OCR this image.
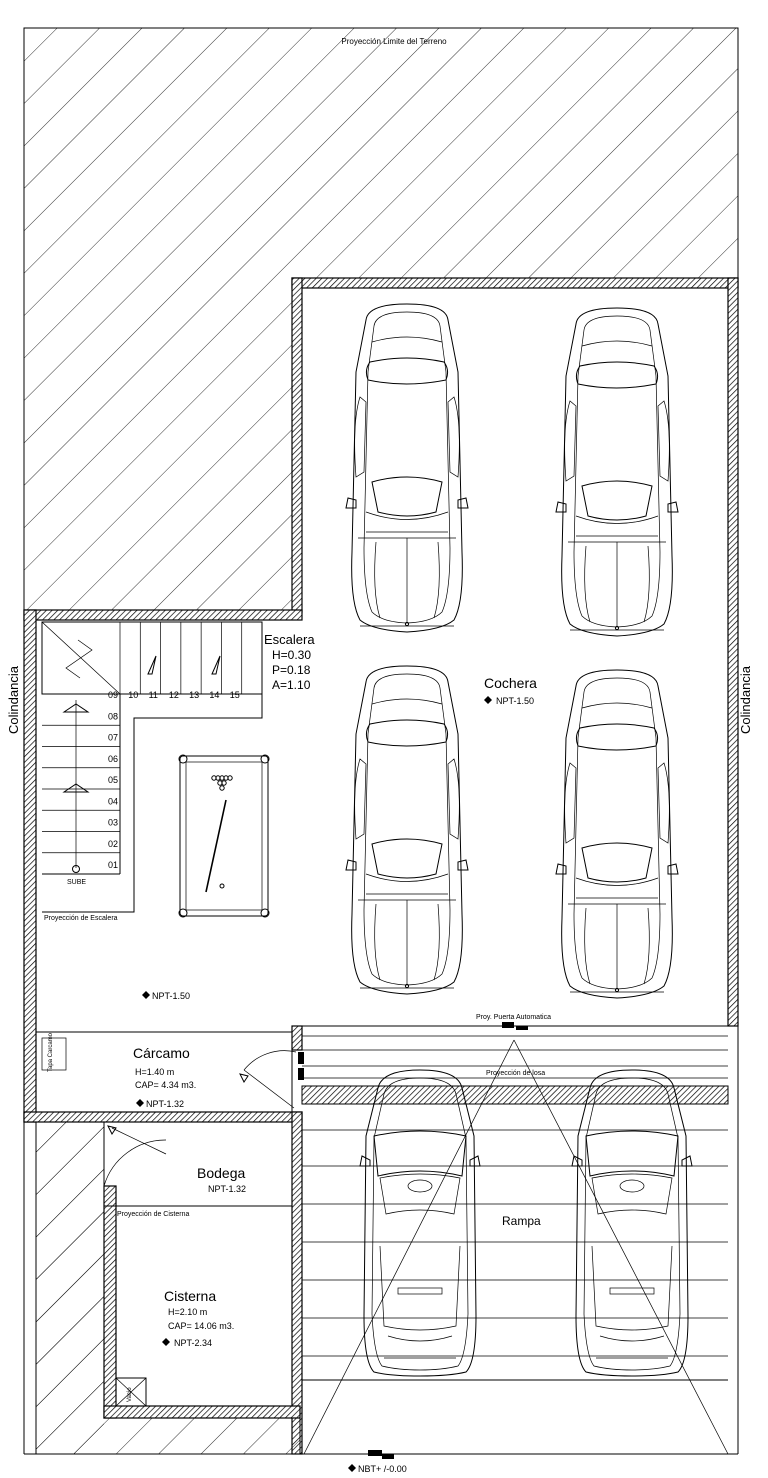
Proyección Limite del Terreno
Colindancia	Colindancia
01
02
03
04
05
06
07
08
09 10 11 12 13 14 15
SUBE
Proyección de Escalera
Escalera
H=0.30
P=0.18
A=1.10
NPT-1.50
Cochera
NPT-1.50
Proy. Puerta Automatica
Tapa Carcamo	Cárcamo
H=1.40 m
CAP= 4.34 m3.
NPT-1.32
Proyección de losa
Bodega
NPT-1.32
Proyección de Cisterna
Cisterna
H=2.10 m
CAP= 14.06 m3.
NPT-2.34
Vacio
Rampa
NBT+ /-0.00
